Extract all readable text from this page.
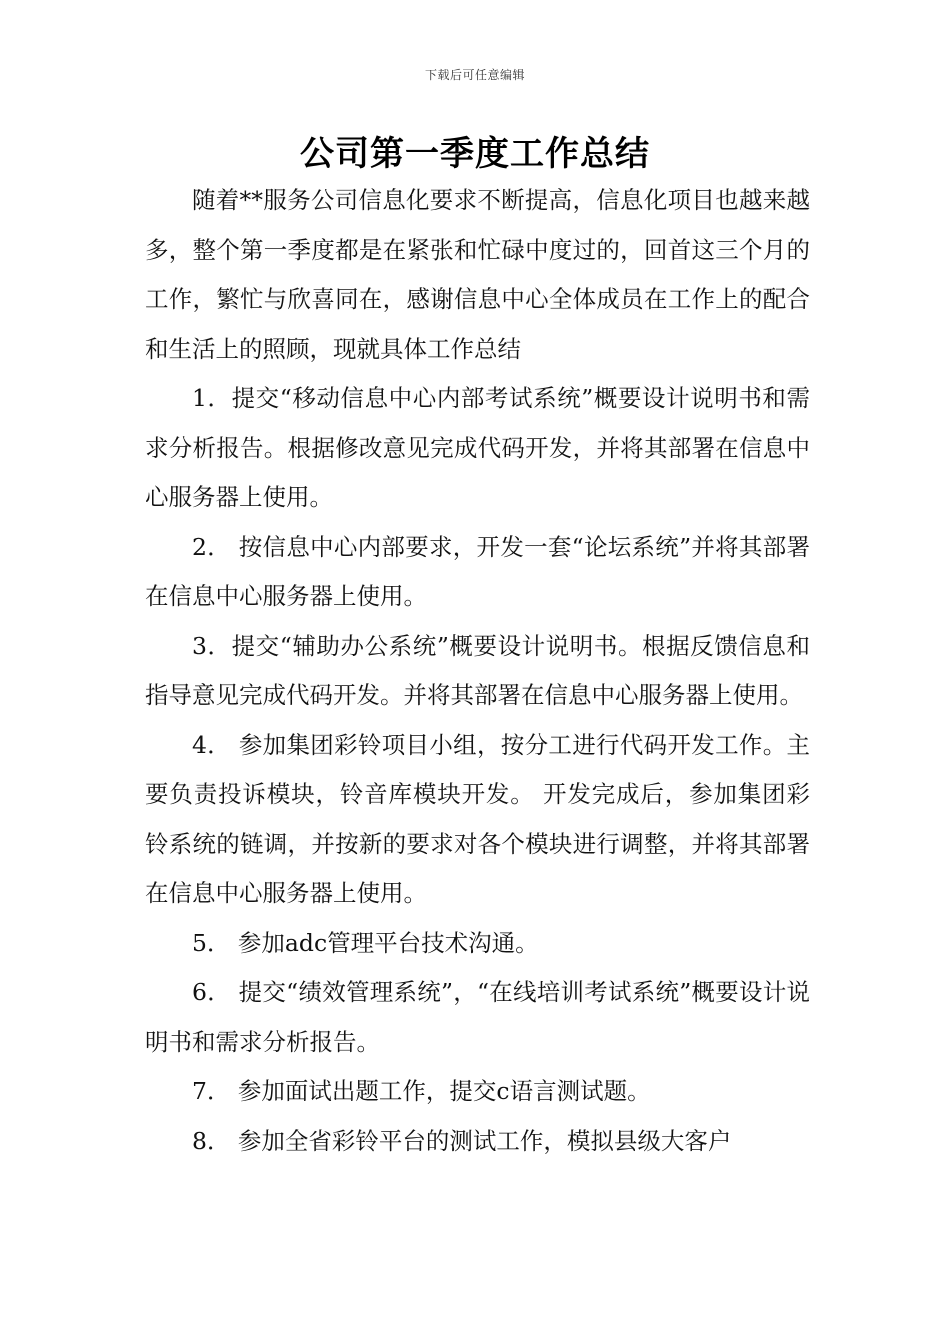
下载后可任意编辑
公司第一季度工作总结

随着**服务公司信息化要求不断提高，信息化项目也越来越多，整个第一季度都是在紧张和忙碌中度过的，回首这三个月的工作，繁忙与欣喜同在，感谢信息中心全体成员在工作上的配合和生活上的照顾，现就具体工作总结

1．提交“移动信息中心内部考试系统”概要设计说明书和需求分析报告。根据修改意见完成代码开发，并将其部署在信息中心服务器上使用。

2． 按信息中心内部要求，开发一套“论坛系统”并将其部署在信息中心服务器上使用。

3．提交“辅助办公系统”概要设计说明书。根据反馈信息和指导意见完成代码开发。并将其部署在信息中心服务器上使用。

4． 参加集团彩铃项目小组，按分工进行代码开发工作。主要负责投诉模块，铃音库模块开发。 开发完成后，参加集团彩铃系统的链调，并按新的要求对各个模块进行调整，并将其部署在信息中心服务器上使用。

5． 参加adc管理平台技术沟通。

6． 提交“绩效管理系统”，“在线培训考试系统”概要设计说明书和需求分析报告。

7． 参加面试出题工作，提交c语言测试题。

8． 参加全省彩铃平台的测试工作，模拟县级大客户
